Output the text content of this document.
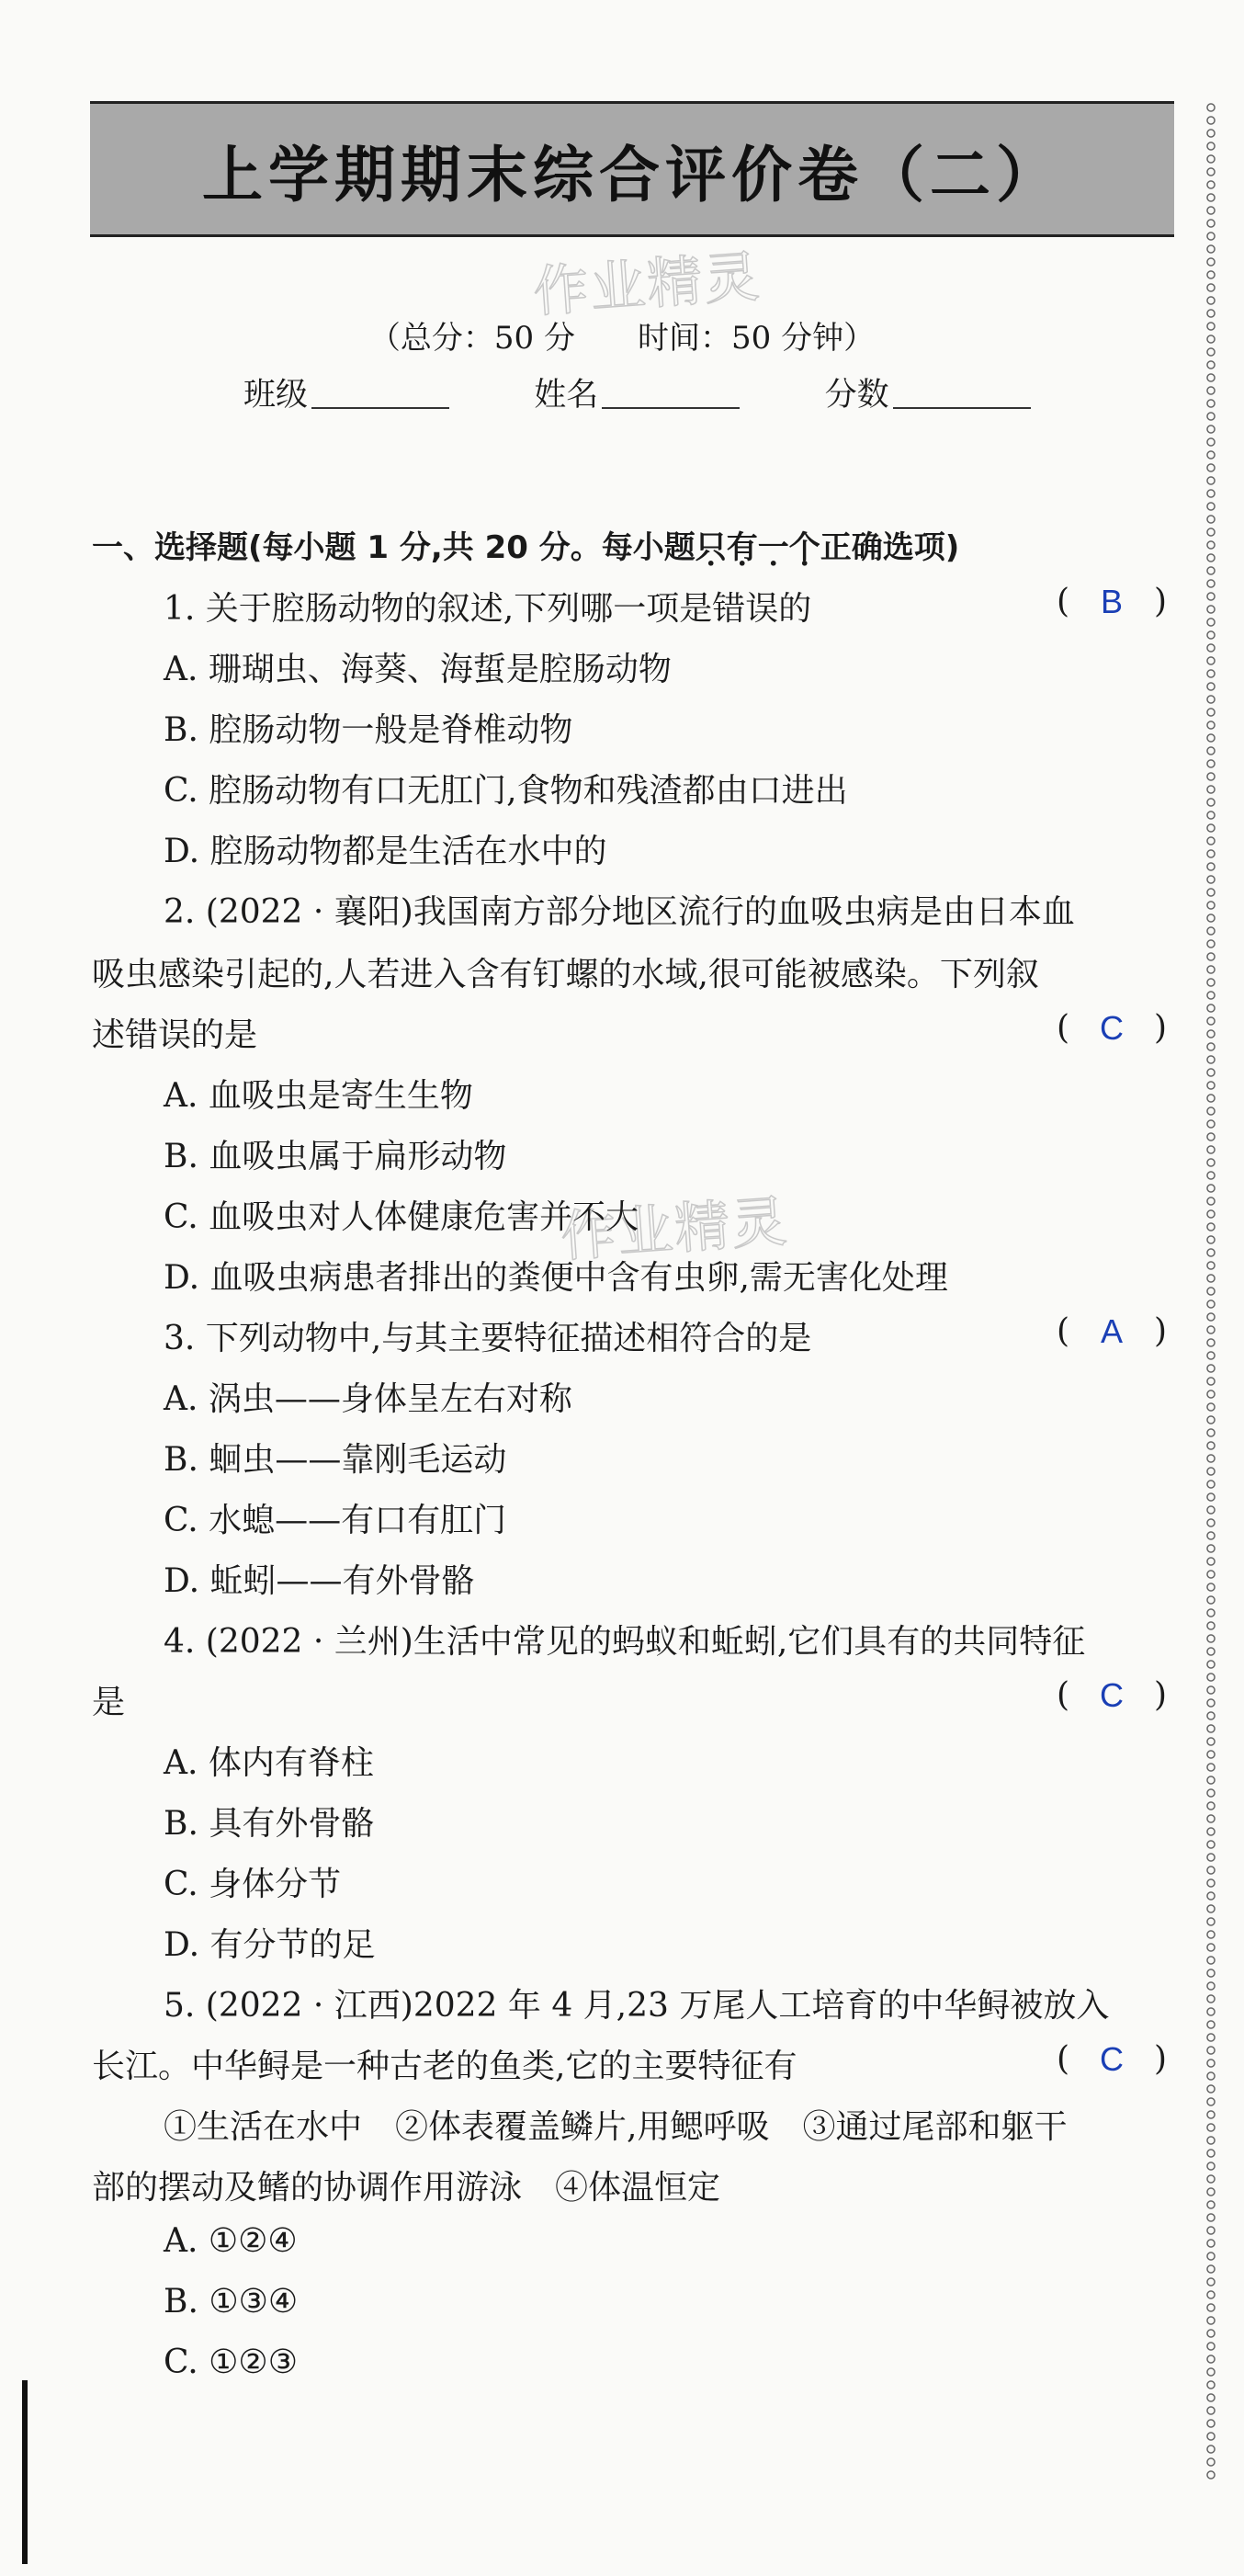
上学期期末综合评价卷（二）
作业精灵
作业精灵
（总分：50 分　　时间：50 分钟）
班级	姓名	分数
一、选择题(每小题 1 分,共 20 分。每小题只有一个正确选项)
1. 关于腔肠动物的叙述,下列哪一项是错误的	( B )
A. 珊瑚虫、海葵、海蜇是腔肠动物
B. 腔肠动物一般是脊椎动物
C. 腔肠动物有口无肛门,食物和残渣都由口进出
D. 腔肠动物都是生活在水中的
2. (2022 · 襄阳)我国南方部分地区流行的血吸虫病是由日本血
吸虫感染引起的,人若进入含有钉螺的水域,很可能被感染。下列叙
述错误的是	( C )
A. 血吸虫是寄生生物
B. 血吸虫属于扁形动物
C. 血吸虫对人体健康危害并不大
D. 血吸虫病患者排出的粪便中含有虫卵,需无害化处理
3. 下列动物中,与其主要特征描述相符合的是	( A )
A. 涡虫——身体呈左右对称
B. 蛔虫——靠刚毛运动
C. 水螅——有口有肛门
D. 蚯蚓——有外骨骼
4. (2022 · 兰州)生活中常见的蚂蚁和蚯蚓,它们具有的共同特征
是	( C )
A. 体内有脊柱
B. 具有外骨骼
C. 身体分节
D. 有分节的足
5. (2022 · 江西)2022 年 4 月,23 万尾人工培育的中华鲟被放入
长江。中华鲟是一种古老的鱼类,它的主要特征有	( C )
①生活在水中　②体表覆盖鳞片,用鳃呼吸　③通过尾部和躯干
部的摆动及鳍的协调作用游泳　④体温恒定
A. ①②④
B. ①③④
C. ①②③
